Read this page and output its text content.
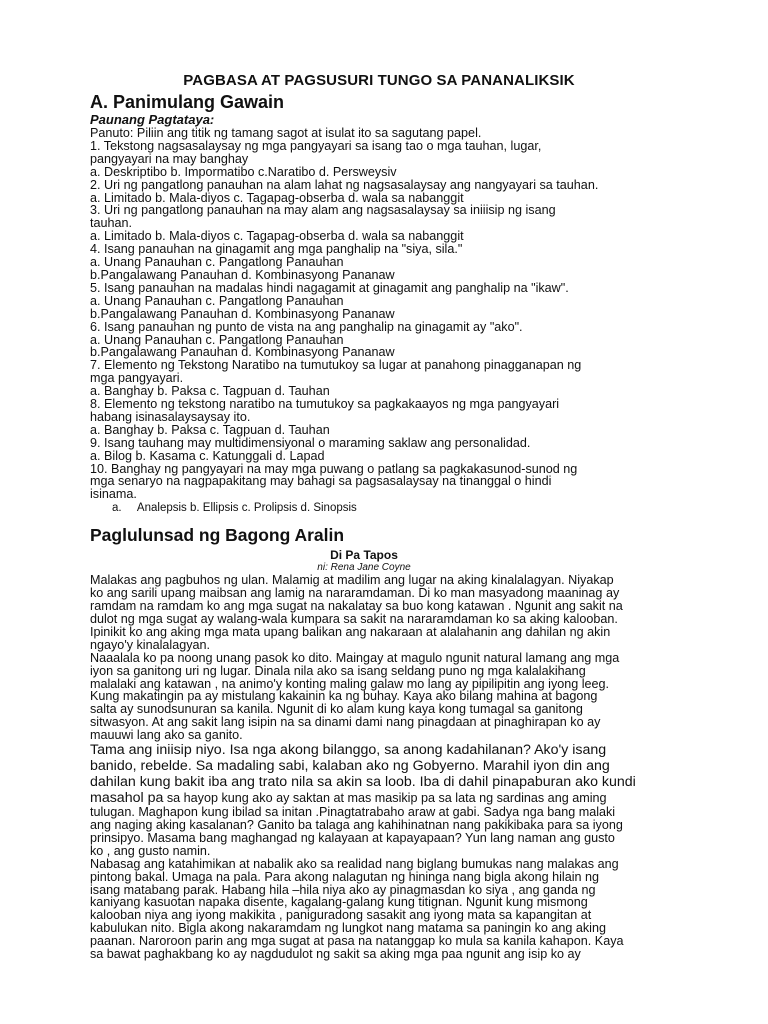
PAGBASA AT PAGSUSURI TUNGO SA PANANALIKSIK
A. Panimulang Gawain
Paunang Pagtataya:
Panuto: Piliin ang titik ng tamang sagot at isulat ito sa sagutang papel.
1. Tekstong nagsasalaysay ng mga pangyayari sa isang tao o mga tauhan, lugar,
pangyayari na may banghay
a. Deskriptibo b. Impormatibo c.Naratibo d. Persweysiv
2. Uri ng pangatlong panauhan na alam lahat ng nagsasalaysay ang nangyayari sa tauhan.
a. Limitado b. Mala-diyos c. Tagapag-obserba d. wala sa nabanggit
3. Uri ng pangatlong panauhan na may alam ang nagsasalaysay sa iniiisip ng isang
tauhan.
a. Limitado b. Mala-diyos c. Tagapag-obserba d. wala sa nabanggit
4. Isang panauhan na ginagamit ang mga panghalip na "siya, sila."
a. Unang Panauhan c. Pangatlong Panauhan
b.Pangalawang Panauhan d. Kombinasyong Pananaw
5. Isang panauhan na madalas hindi nagagamit at ginagamit ang panghalip na "ikaw".
a. Unang Panauhan c. Pangatlong Panauhan
b.Pangalawang Panauhan d. Kombinasyong Pananaw
6. Isang panauhan ng punto de vista na ang panghalip na ginagamit ay "ako".
a. Unang Panauhan c. Pangatlong Panauhan
b.Pangalawang Panauhan d. Kombinasyong Pananaw
7. Elemento ng Tekstong Naratibo na tumutukoy sa lugar at panahong pinagganapan ng
mga pangyayari.
a. Banghay b. Paksa c. Tagpuan d. Tauhan
8. Elemento ng tekstong naratibo na tumutukoy sa pagkakaayos ng mga pangyayari
habang isinasalaysaysay ito.
a. Banghay b. Paksa c. Tagpuan d. Tauhan
9. Isang tauhang may multidimensiyonal o maraming saklaw ang personalidad.
a. Bilog b. Kasama c. Katunggali d. Lapad
10. Banghay ng pangyayari na may mga puwang o patlang sa pagkakasunod-sunod ng
mga senaryo na nagpapakitang may bahagi sa pagsasalaysay na tinanggal o hindi
isinama.
a.     Analepsis b. Ellipsis c. Prolipsis d. Sinopsis
Paglulunsad ng Bagong Aralin
Di Pa Tapos
ni: Rena Jane Coyne
Malakas ang pagbuhos ng ulan. Malamig at madilim ang lugar na aking kinalalagyan. Niyakap
ko ang sarili upang maibsan ang lamig na nararamdaman. Di ko man masyadong maaninag ay
ramdam na ramdam ko ang mga sugat na nakalatay sa buo kong katawan . Ngunit ang sakit na
dulot ng mga sugat ay walang-wala kumpara sa sakit na nararamdaman ko sa aking kalooban.
Ipinikit ko ang aking mga mata upang balikan ang nakaraan at alalahanin ang dahilan ng akin
ngayo'y kinalalagyan.
Naaalala ko pa noong unang pasok ko dito. Maingay at magulo ngunit natural lamang ang mga
iyon sa ganitong uri ng lugar. Dinala nila ako sa isang seldang puno ng mga kalalakihang
malalaki ang katawan , na animo'y konting maling galaw mo lang ay pipilipitin ang iyong leeg.
Kung makatingin pa ay mistulang kakainin ka ng buhay. Kaya ako bilang mahina at bagong
salta ay sunodsunuran sa kanila. Ngunit di ko alam kung kaya kong tumagal sa ganitong
sitwasyon. At ang sakit lang isipin na sa dinami dami nang pinagdaan at pinaghirapan ko ay
mauuwi lang ako sa ganito.
Tama ang iniisip niyo. Isa nga akong bilanggo, sa anong kadahilanan? Ako'y isang
banido, rebelde. Sa madaling sabi, kalaban ako ng Gobyerno. Marahil iyon din ang
dahilan kung bakit iba ang trato nila sa akin sa loob. Iba di dahil pinapaburan ako kundi
masahol pa sa hayop kung ako ay saktan at mas masikip pa sa lata ng sardinas ang aming
tulugan. Maghapon kung ibilad sa initan .Pinagtatrabaho araw at gabi. Sadya nga bang malaki
ang naging aking kasalanan? Ganito ba talaga ang kahihinatnan nang pakikibaka para sa iyong
prinsipyo. Masama bang maghangad ng kalayaan at kapayapaan? Yun lang naman ang gusto
ko , ang gusto namin.
Nabasag ang katahimikan at nabalik ako sa realidad nang biglang bumukas nang malakas ang
pintong bakal. Umaga na pala. Para akong nalagutan ng hininga nang bigla akong hilain ng
isang matabang parak. Habang hila –hila niya ako ay pinagmasdan ko siya , ang ganda ng
kaniyang kasuotan napaka disente, kagalang-galang kung titignan. Ngunit kung mismong
kalooban niya ang iyong makikita , paniguradong sasakit ang iyong mata sa kapangitan at
kabulukan nito. Bigla akong nakaramdam ng lungkot nang matama sa paningin ko ang aking
paanan. Naroroon parin ang mga sugat at pasa na natanggap ko mula sa kanila kahapon. Kaya
sa bawat paghakbang ko ay nagdudulot ng sakit sa aking mga paa ngunit ang isip ko ay
